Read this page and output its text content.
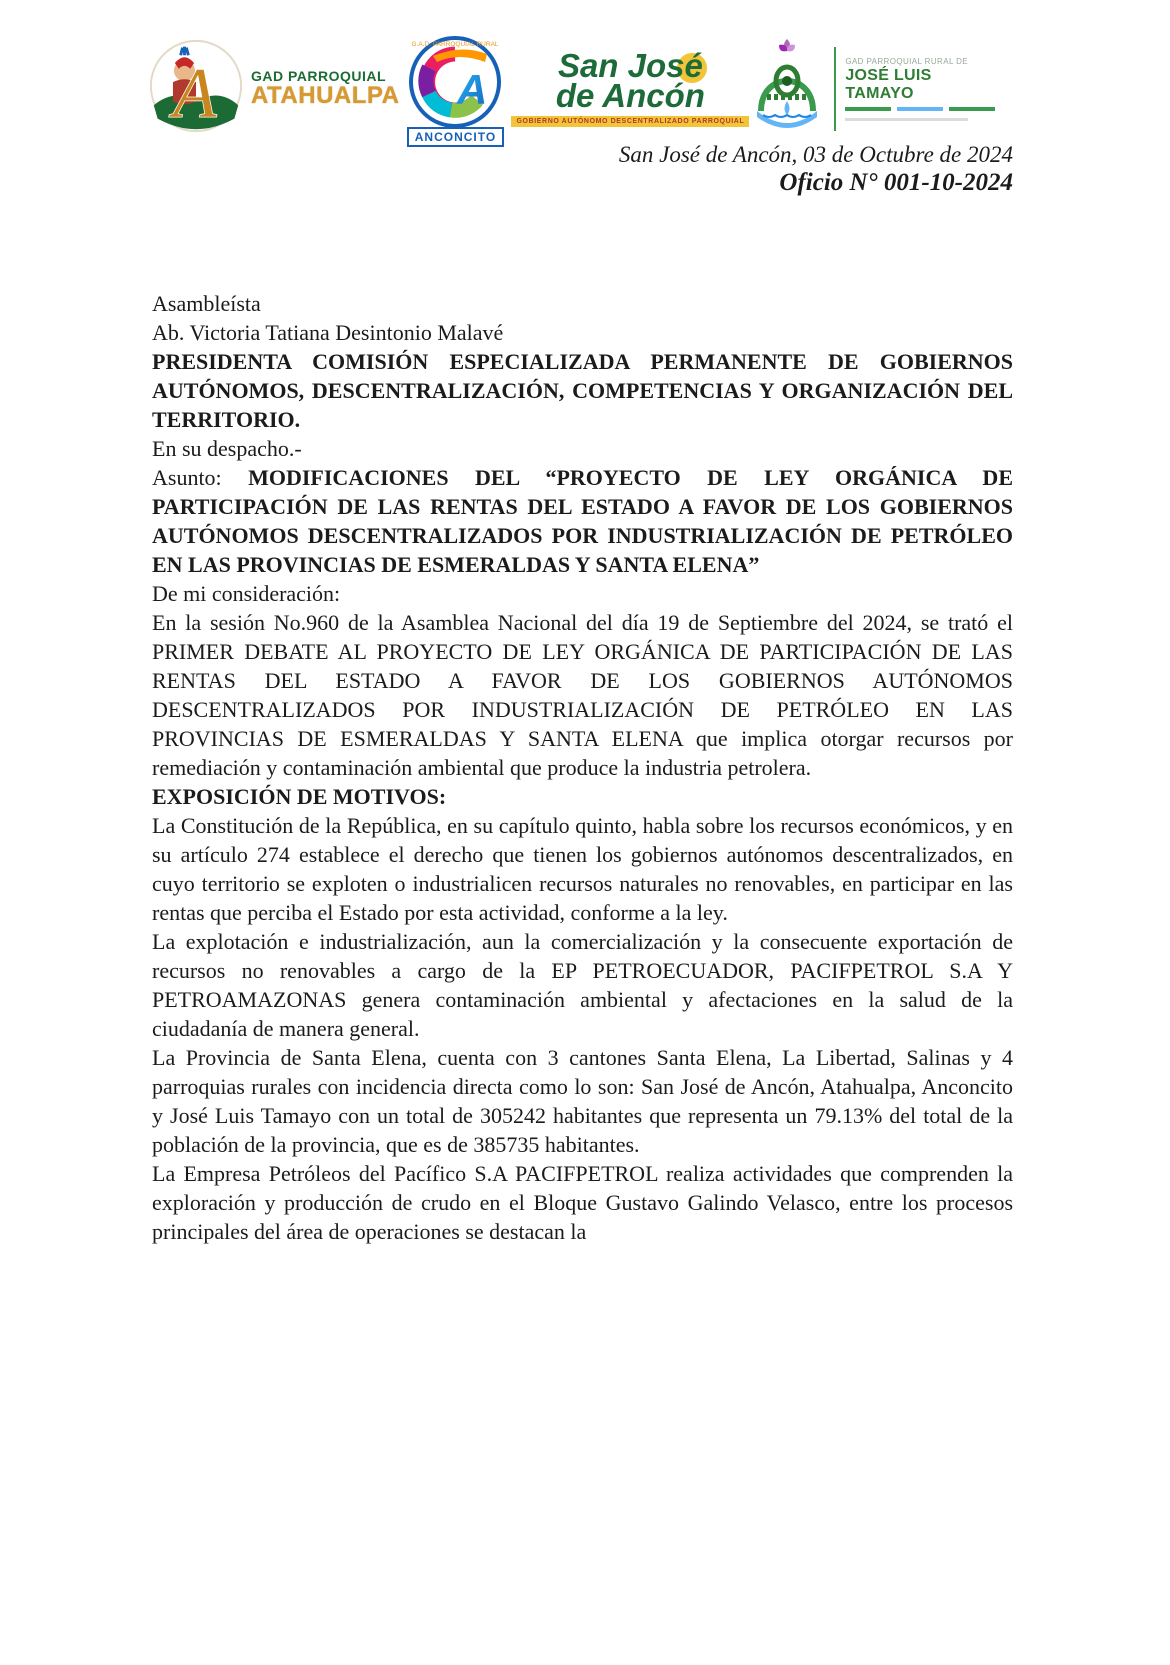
A GAD PARROQUIAL
ATAHUALPA
G.A.D. PARROQUIAL RURAL
A
ANCONCITO
San José
de Ancón
GOBIERNO AUTÓNOMO DESCENTRALIZADO PARROQUIAL
GAD PARROQUIAL RURAL DE
JOSÉ LUIS TAMAYO
San José de Ancón, 03 de Octubre de 2024
Oficio N° 001-10-2024

Asambleísta

Ab. Victoria Tatiana Desintonio Malavé

PRESIDENTA COMISIÓN ESPECIALIZADA PERMANENTE DE GOBIERNOS AUTÓNOMOS, DESCENTRALIZACIÓN, COMPETENCIAS Y ORGANIZACIÓN DEL TERRITORIO.

En su despacho.-

Asunto: MODIFICACIONES DEL “PROYECTO DE LEY ORGÁNICA DE PARTICIPACIÓN DE LAS RENTAS DEL ESTADO A FAVOR DE LOS GOBIERNOS AUTÓNOMOS DESCENTRALIZADOS POR INDUSTRIALIZACIÓN DE PETRÓLEO EN LAS PROVINCIAS DE ESMERALDAS Y SANTA ELENA”

De mi consideración:

En la sesión No.960 de la Asamblea Nacional del día 19 de Septiembre del 2024, se trató el PRIMER DEBATE AL PROYECTO DE LEY ORGÁNICA DE PARTICIPACIÓN DE LAS RENTAS DEL ESTADO A FAVOR DE LOS GOBIERNOS AUTÓNOMOS DESCENTRALIZADOS POR INDUSTRIALIZACIÓN DE PETRÓLEO EN LAS PROVINCIAS DE ESMERALDAS Y SANTA ELENA que implica otorgar recursos por remediación y contaminación ambiental que produce la industria petrolera.

EXPOSICIÓN DE MOTIVOS:

La Constitución de la República, en su capítulo quinto, habla sobre los recursos económicos, y en su artículo 274 establece el derecho que tienen los gobiernos autónomos descentralizados, en cuyo territorio se exploten o industrialicen recursos naturales no renovables, en participar en las rentas que perciba el Estado por esta actividad, conforme a la ley.

La explotación e industrialización, aun la comercialización y la consecuente exportación de recursos no renovables a cargo de la EP PETROECUADOR, PACIFPETROL S.A Y PETROAMAZONAS genera contaminación ambiental y afectaciones en la salud de la ciudadanía de manera general.

La Provincia de Santa Elena, cuenta con 3 cantones Santa Elena, La Libertad, Salinas y 4 parroquias rurales con incidencia directa como lo son: San José de Ancón, Atahualpa, Anconcito y José Luis Tamayo con un total de 305242 habitantes que representa un 79.13% del total de la población de la provincia, que es de 385735 habitantes.

La Empresa Petróleos del Pacífico S.A PACIFPETROL realiza actividades que comprenden la exploración y producción de crudo en el Bloque Gustavo Galindo Velasco, entre los procesos principales del área de operaciones se destacan la
